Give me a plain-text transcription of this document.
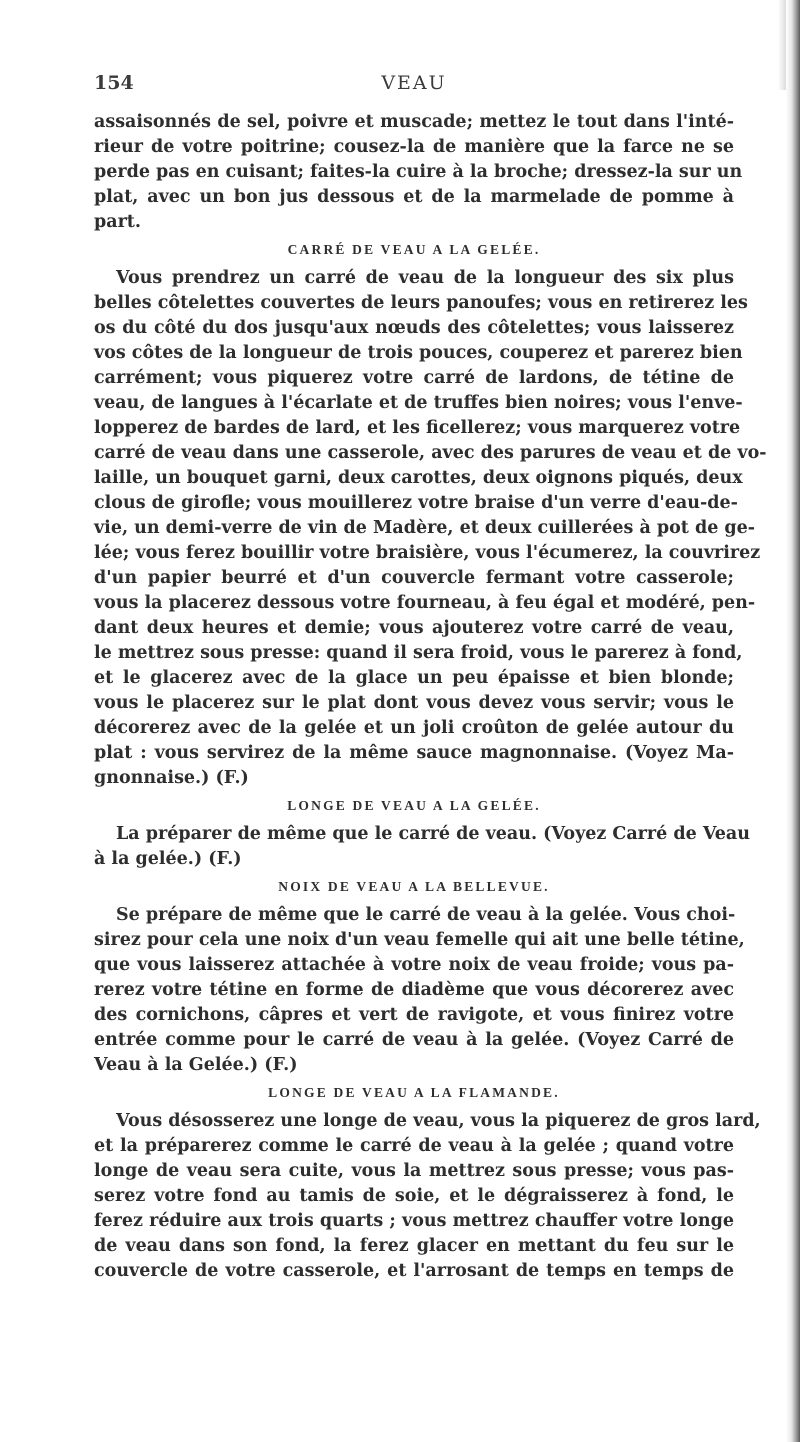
154	VEAU
assaisonnés de sel, poivre et muscade; mettez le tout dans l'inté-
rieur de votre poitrine; cousez-la de manière que la farce ne se
perde pas en cuisant; faites-la cuire à la broche; dressez-la sur un
plat, avec un bon jus dessous et de la marmelade de pomme à
part.
CARRÉ DE VEAU A LA GELÉE.
Vous prendrez un carré de veau de la longueur des six plus
belles côtelettes couvertes de leurs panoufes; vous en retirerez les
os du côté du dos jusqu'aux nœuds des côtelettes; vous laisserez
vos côtes de la longueur de trois pouces, couperez et parerez bien
carrément; vous piquerez votre carré de lardons, de tétine de
veau, de langues à l'écarlate et de truffes bien noires; vous l'enve-
lopperez de bardes de lard, et les ficellerez; vous marquerez votre
carré de veau dans une casserole, avec des parures de veau et de vo-
laille, un bouquet garni, deux carottes, deux oignons piqués, deux
clous de girofle; vous mouillerez votre braise d'un verre d'eau-de-
vie, un demi-verre de vin de Madère, et deux cuillerées à pot de ge-
lée; vous ferez bouillir votre braisière, vous l'écumerez, la couvrirez
d'un papier beurré et d'un couvercle fermant votre casserole;
vous la placerez dessous votre fourneau, à feu égal et modéré, pen-
dant deux heures et demie; vous ajouterez votre carré de veau,
le mettrez sous presse: quand il sera froid, vous le parerez à fond,
et le glacerez avec de la glace un peu épaisse et bien blonde;
vous le placerez sur le plat dont vous devez vous servir; vous le
décorerez avec de la gelée et un joli croûton de gelée autour du
plat : vous servirez de la même sauce magnonnaise. (Voyez Ma-
gnonnaise.) (F.)
LONGE DE VEAU A LA GELÉE.
La préparer de même que le carré de veau. (Voyez Carré de Veau
à la gelée.) (F.)
NOIX DE VEAU A LA BELLEVUE.
Se prépare de même que le carré de veau à la gelée. Vous choi-
sirez pour cela une noix d'un veau femelle qui ait une belle tétine,
que vous laisserez attachée à votre noix de veau froide; vous pa-
rerez votre tétine en forme de diadème que vous décorerez avec
des cornichons, câpres et vert de ravigote, et vous finirez votre
entrée comme pour le carré de veau à la gelée. (Voyez Carré de
Veau à la Gelée.) (F.)
LONGE DE VEAU A LA FLAMANDE.
Vous désosserez une longe de veau, vous la piquerez de gros lard,
et la préparerez comme le carré de veau à la gelée ; quand votre
longe de veau sera cuite, vous la mettrez sous presse; vous pas-
serez votre fond au tamis de soie, et le dégraisserez à fond, le
ferez réduire aux trois quarts ; vous mettrez chauffer votre longe
de veau dans son fond, la ferez glacer en mettant du feu sur le
couvercle de votre casserole, et l'arrosant de temps en temps de
